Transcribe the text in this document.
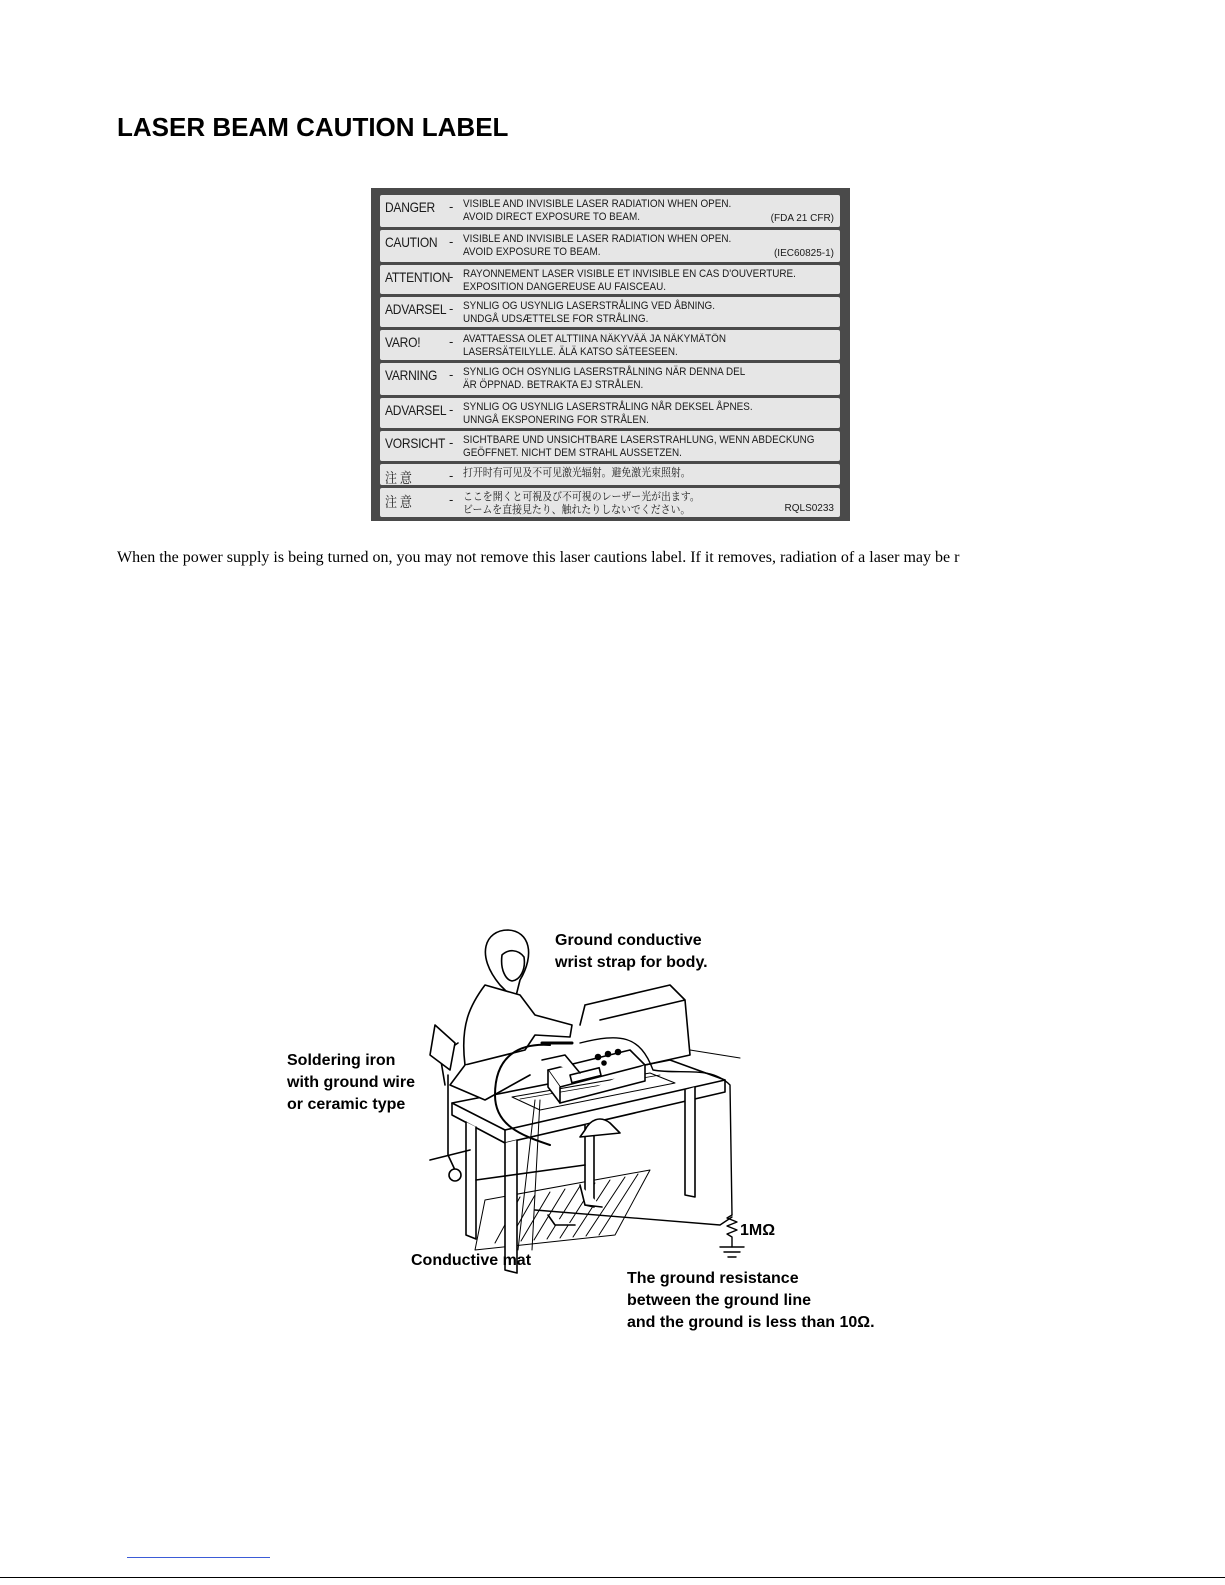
LASER BEAM CAUTION LABEL
DANGER - VISIBLE AND INVISIBLE LASER RADIATION WHEN OPEN.
AVOID DIRECT EXPOSURE TO BEAM.	(FDA 21 CFR)
CAUTION - VISIBLE AND INVISIBLE LASER RADIATION WHEN OPEN.
AVOID EXPOSURE TO BEAM.	(IEC60825-1)
ATTENTION
- RAYONNEMENT LASER VISIBLE ET INVISIBLE EN CAS D'OUVERTURE.
EXPOSITION DANGEREUSE AU FAISCEAU.
ADVARSEL - SYNLIG OG USYNLIG LASERSTRÅLING VED ÅBNING.
UNDGÅ UDSÆTTELSE FOR STRÅLING.
VARO! - AVATTAESSA OLET ALTTIINA NÄKYVÄÄ JA NÄKYMÄTÖN
LASERSÄTEILYLLE. ÄLÄ KATSO SÄTEESEEN.
VARNING - SYNLIG OCH OSYNLIG LASERSTRÅLNING NÄR DENNA DEL
ÄR ÖPPNAD. BETRAKTA EJ STRÅLEN.
ADVARSEL - SYNLIG OG USYNLIG LASERSTRÅLING NÅR DEKSEL ÅPNES.
UNNGÅ EKSPONERING FOR STRÅLEN.
VORSICHT - SICHTBARE UND UNSICHTBARE LASERSTRAHLUNG, WENN ABDECKUNG
GEÖFFNET. NICHT DEM STRAHL AUSSETZEN.
注 意	- 打开时有可见及不可见激光辐射。避免激光束照射。
注 意	- ここを開くと可視及び不可視のレーザー光が出ます。
ビームを直接見たり、触れたりしないでください。	RQLS0233

When the power supply is being turned on, you may not remove this laser cautions label. If it removes, radiation of a laser may be r

Ground conductive
wrist strap for body.
Soldering iron
with ground wire
or ceramic type
Conductive mat
1MΩ
The ground resistance
between the ground line
and the ground is less than 10Ω.
